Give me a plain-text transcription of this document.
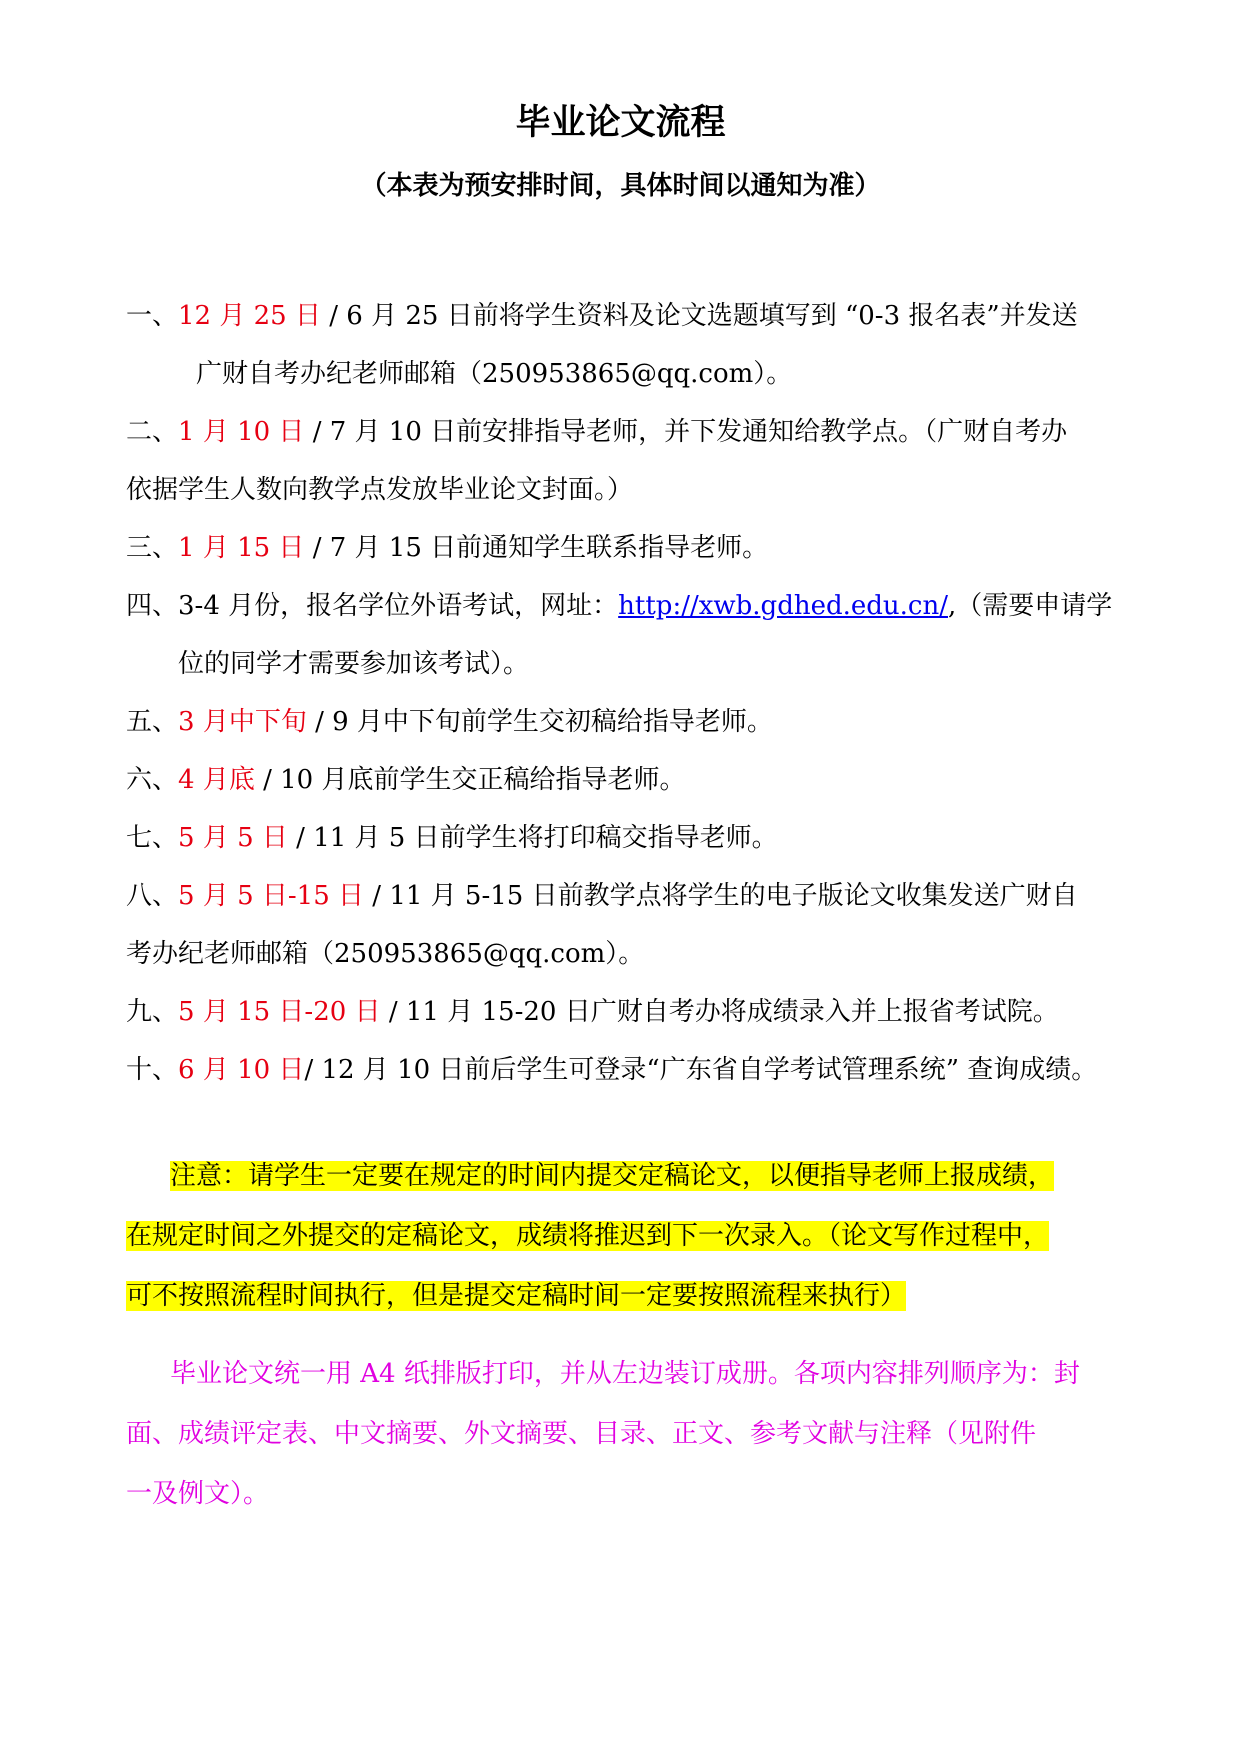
毕业论文流程
（本表为预安排时间，具体时间以通知为准）
一、12 月 25 日 / 6 月 25 日前将学生资料及论文选题填写到 “0-3 报名表”并发送
广财自考办纪老师邮箱（250953865@qq.com）。
二、1 月 10 日 / 7 月 10 日前安排指导老师，并下发通知给教学点。（广财自考办
依据学生人数向教学点发放毕业论文封面。）
三、1 月 15 日 / 7 月 15 日前通知学生联系指导老师。
四、3-4 月份，报名学位外语考试，网址：http://xwb.gdhed.edu.cn/,（需要申请学
位的同学才需要参加该考试）。
五、3 月中下旬 / 9 月中下旬前学生交初稿给指导老师。
六、4 月底 / 10 月底前学生交正稿给指导老师。
七、5 月 5 日 / 11 月 5 日前学生将打印稿交指导老师。
八、5 月 5 日-15 日 / 11 月 5-15 日前教学点将学生的电子版论文收集发送广财自
考办纪老师邮箱（250953865@qq.com）。
九、5 月 15 日-20 日 / 11 月 15-20 日广财自考办将成绩录入并上报省考试院。
十、6 月 10 日/ 12 月 10 日前后学生可登录“广东省自学考试管理系统” 查询成绩。
注意：请学生一定要在规定的时间内提交定稿论文，以便指导老师上报成绩，
在规定时间之外提交的定稿论文，成绩将推迟到下一次录入。（论文写作过程中，
可不按照流程时间执行，但是提交定稿时间一定要按照流程来执行）
毕业论文统一用 A4 纸排版打印，并从左边装订成册。各项内容排列顺序为：封
面、成绩评定表、中文摘要、外文摘要、目录、正文、参考文献与注释（见附件
一及例文）。
